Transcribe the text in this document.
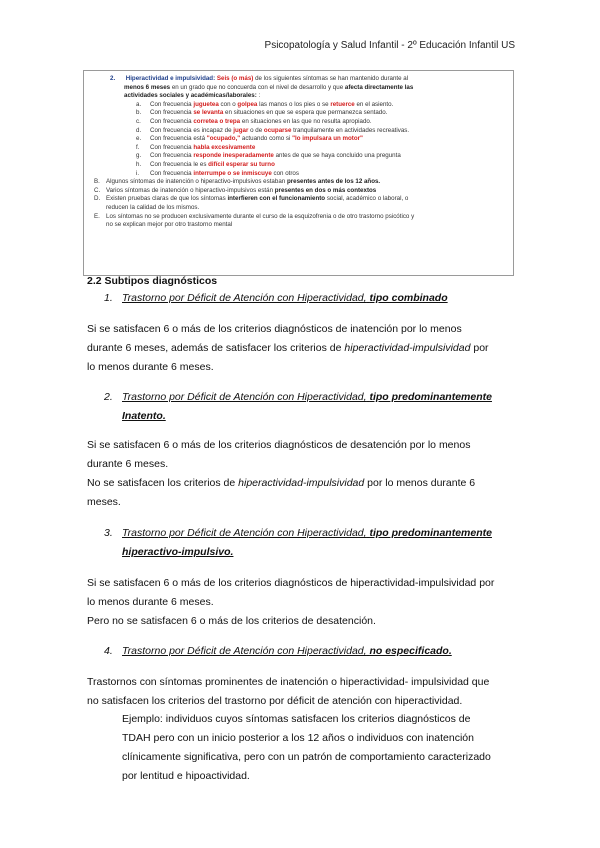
Psicopatología y Salud Infantil - 2º Educación Infantil US
2. Hiperactividad e impulsividad: Seis (o más) de los siguientes síntomas se han mantenido durante al
menos 6 meses en un grado que no concuerda con el nivel de desarrollo y que afecta directamente las
actividades sociales y académicas/laborales: :
a. Con frecuencia juguetea con o golpea las manos o los pies o se retuerce en el asiento.
b. Con frecuencia se levanta en situaciones en que se espera que permanezca sentado.
c. Con frecuencia corretea o trepa en situaciones en las que no resulta apropiado.
d. Con frecuencia es incapaz de jugar o de ocuparse tranquilamente en actividades recreativas.
e. Con frecuencia está "ocupado," actuando como si "lo impulsara un motor"
f. Con frecuencia habla excesivamente
g. Con frecuencia responde inesperadamente antes de que se haya concluido una pregunta
h. Con frecuencia le es difícil esperar su turno
i. Con frecuencia interrumpe o se inmiscuye con otros
B. Algunos síntomas de inatención o hiperactivo-impulsivos estaban presentes antes de los 12 años.
C. Varios síntomas de inatención o hiperactivo-impulsivos están presentes en dos o más contextos
D. Existen pruebas claras de que los síntomas interfieren con el funcionamiento social, académico o laboral, o
reducen la calidad de los mismos.
E. Los síntomas no se producen exclusivamente durante el curso de la esquizofrenia o de otro trastorno psicótico y
no se explican mejor por otro trastorno mental
2.2 Subtipos diagnósticos
1. Trastorno por Déficit de Atención con Hiperactividad, tipo combinado
Si se satisfacen 6 o más de los criterios diagnósticos de inatención por lo menos
durante 6 meses, además de satisfacer los criterios de hiperactividad-impulsividad por
lo menos durante 6 meses.
2. Trastorno por Déficit de Atención con Hiperactividad, tipo predominantemente
Inatento.
Si se satisfacen 6 o más de los criterios diagnósticos de desatención por lo menos
durante 6 meses.
No se satisfacen los criterios de hiperactividad-impulsividad por lo menos durante 6
meses.
3. Trastorno por Déficit de Atención con Hiperactividad, tipo predominantemente
hiperactivo-impulsivo.
Si se satisfacen 6 o más de los criterios diagnósticos de hiperactividad-impulsividad por
lo menos durante 6 meses.
Pero no se satisfacen 6 o más de los criterios de desatención.
4. Trastorno por Déficit de Atención con Hiperactividad, no especificado.
Trastornos con síntomas prominentes de inatención o hiperactividad- impulsividad que
no satisfacen los criterios del trastorno por déficit de atención con hiperactividad.
Ejemplo: individuos cuyos síntomas satisfacen los criterios diagnósticos de
TDAH pero con un inicio posterior a los 12 años o individuos con inatención
clínicamente significativa, pero con un patrón de comportamiento caracterizado
por lentitud e hipoactividad.
